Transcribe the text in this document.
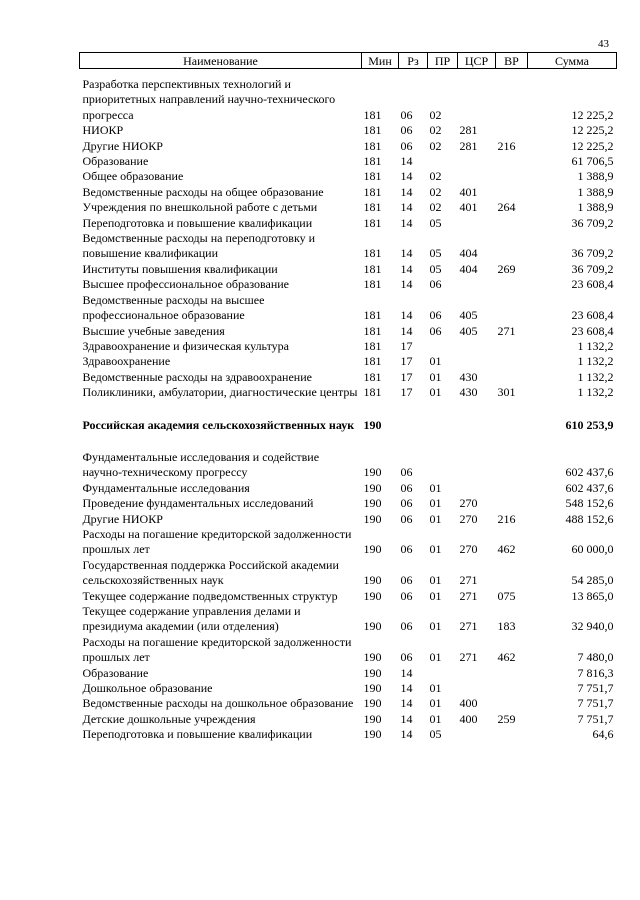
43
Наименование	Мин	Рз	ПР	ЦСР	ВР	Сумма

Разработка перспективных технологий и приоритетных направлений научно-технического прогресса	181	06	02			12 225,2
НИОКР	181	06	02	281		12 225,2
Другие НИОКР	181	06	02	281	216	12 225,2
Образование	181	14				61 706,5
Общее образование	181	14	02			1 388,9
Ведомственные расходы на общее образование	181	14	02	401		1 388,9
Учреждения по внешкольной работе с детьми	181	14	02	401	264	1 388,9
Переподготовка и повышение квалификации	181	14	05			36 709,2
Ведомственные расходы на переподготовку и повышение квалификации	181	14	05	404		36 709,2
Институты повышения квалификации	181	14	05	404	269	36 709,2
Высшее профессиональное образование	181	14	06			23 608,4
Ведомственные расходы на высшее профессиональное образование	181	14	06	405		23 608,4
Высшие учебные заведения	181	14	06	405	271	23 608,4
Здравоохранение и физическая культура	181	17				1 132,2
Здравоохранение	181	17	01			1 132,2
Ведомственные расходы на здравоохранение	181	17	01	430		1 132,2
Поликлиники, амбулатории, диагностические центры	181	17	01	430	301	1 132,2

Российская академия сельскохозяйственных наук	190					610 253,9

Фундаментальные исследования и содействие научно-техническому прогрессу	190	06				602 437,6
Фундаментальные исследования	190	06	01			602 437,6
Проведение фундаментальных исследований	190	06	01	270		548 152,6
Другие НИОКР	190	06	01	270	216	488 152,6
Расходы на погашение кредиторской задолженности прошлых лет	190	06	01	270	462	60 000,0
Государственная поддержка Российской академии сельскохозяйственных наук	190	06	01	271		54 285,0
Текущее содержание подведомственных структур	190	06	01	271	075	13 865,0
Текущее содержание управления делами и президиума академии (или отделения)	190	06	01	271	183	32 940,0
Расходы на погашение кредиторской задолженности прошлых лет	190	06	01	271	462	7 480,0
Образование	190	14				7 816,3
Дошкольное образование	190	14	01			7 751,7
Ведомственные расходы на дошкольное образование	190	14	01	400		7 751,7
Детские дошкольные учреждения	190	14	01	400	259	7 751,7
Переподготовка и повышение квалификации	190	14	05			64,6
